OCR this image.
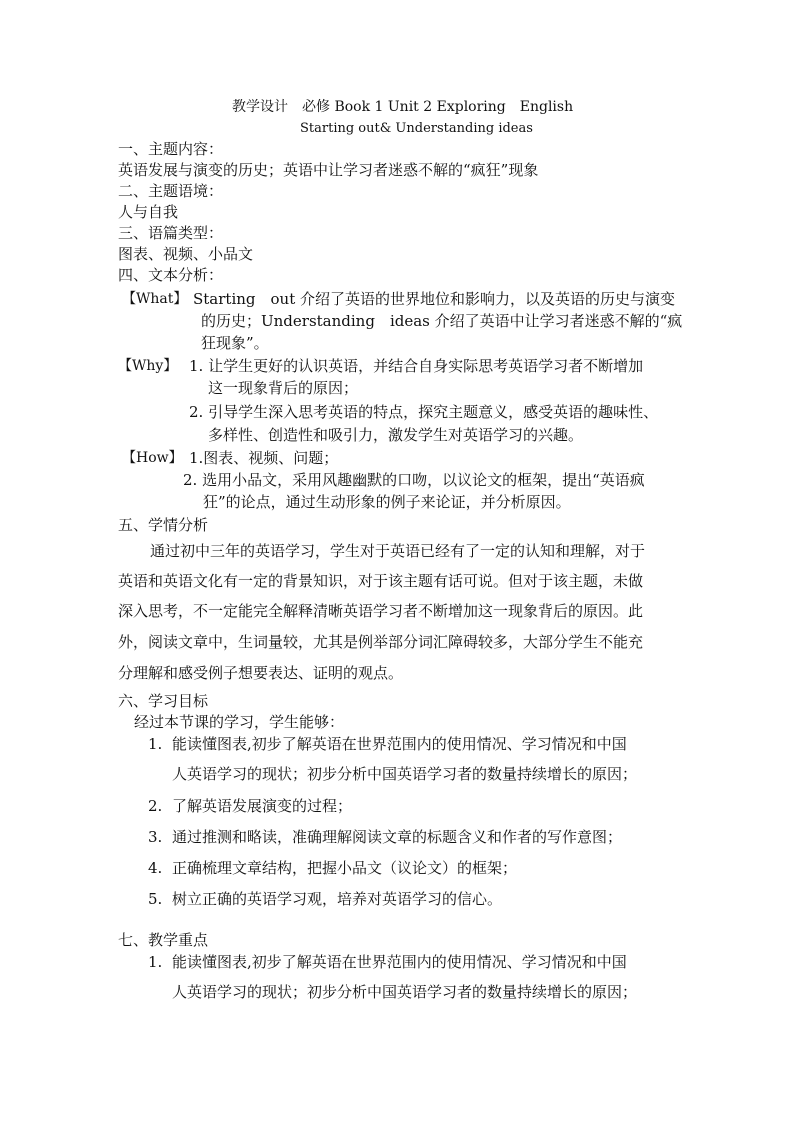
教学设计　必修 Book 1 Unit 2 Exploring　English
Starting out& Understanding ideas
一、主题内容：
英语发展与演变的历史；英语中让学习者迷惑不解的“疯狂”现象
二、主题语境：
人与自我
三、语篇类型：
图表、视频、小品文
四、文本分析：
【What】 Starting　out 介绍了英语的世界地位和影响力，以及英语的历史与演变
的历史；Understanding　ideas 介绍了英语中让学习者迷惑不解的“疯
狂现象”。
【Why】 1. 让学生更好的认识英语，并结合自身实际思考英语学习者不断增加
这一现象背后的原因；
2. 引导学生深入思考英语的特点，探究主题意义，感受英语的趣味性、
多样性、创造性和吸引力，激发学生对英语学习的兴趣。
【How】 1.图表、视频、问题；
2. 选用小品文，采用风趣幽默的口吻，以议论文的框架，提出“英语疯
狂”的论点，通过生动形象的例子来论证，并分析原因。
五、学情分析
通过初中三年的英语学习，学生对于英语已经有了一定的认知和理解，对于
英语和英语文化有一定的背景知识，对于该主题有话可说。但对于该主题，未做
深入思考，不一定能完全解释清晰英语学习者不断增加这一现象背后的原因。此
外，阅读文章中，生词量较，尤其是例举部分词汇障碍较多，大部分学生不能充
分理解和感受例子想要表达、证明的观点。
六、学习目标
经过本节课的学习，学生能够：
1. 能读懂图表,初步了解英语在世界范围内的使用情况、学习情况和中国
人英语学习的现状；初步分析中国英语学习者的数量持续增长的原因；
2. 了解英语发展演变的过程；
3. 通过推测和略读，准确理解阅读文章的标题含义和作者的写作意图；
4. 正确梳理文章结构，把握小品文（议论文）的框架；
5. 树立正确的英语学习观，培养对英语学习的信心。
七、教学重点
1. 能读懂图表,初步了解英语在世界范围内的使用情况、学习情况和中国
人英语学习的现状；初步分析中国英语学习者的数量持续增长的原因；
